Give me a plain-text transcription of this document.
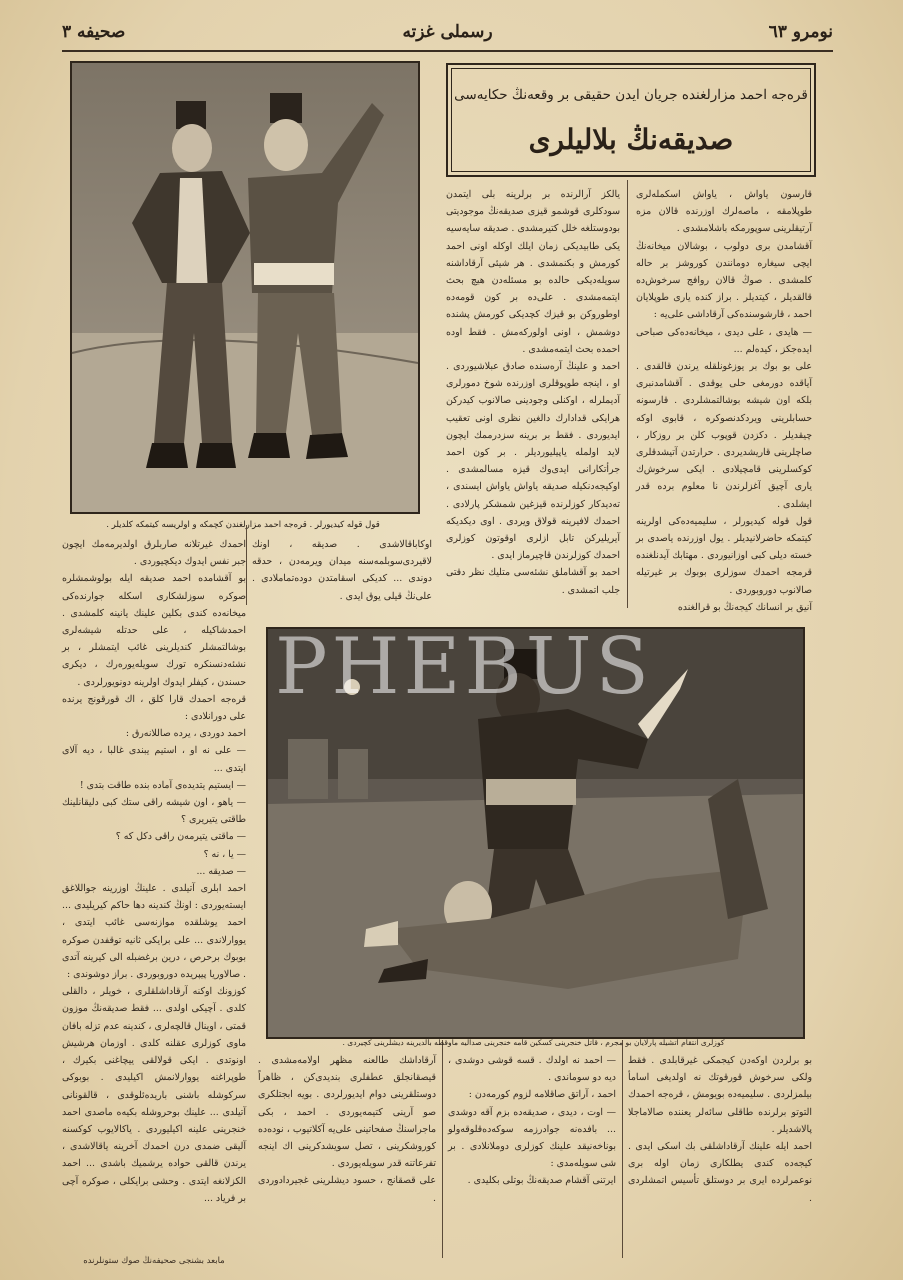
صحيفه ٣	رسملی غزته	نومرو ٦٣
قول قوله کیدیورلر . قره‌جه احمد مزارلغندن کچمکه و اولریسه کیتمکه کلدیلر .
قره‌جه احمد مزارلغنده جریان ایدن حقیقی بر وقعه‌نڭ حکایه‌سی
صدیقه‌نڭ بلالیلری

قارسون یاواش ، یاواش اسکمله‌لری طوپلامقه ، ماصه‌لرك اوزرنده قالان مزه آرتیقلرینی سوپورمکه باشلامشدی .

آقشامدن بری دولوب ، بوشالان میخانه‌نڭ ایچی سیغاره دومانندن کوروشز بر حاله کلمشدی . صوڭ قالان روافج سرخوش‌ده قالقدیلر ، کیتدیلر . براز کنده یاری طوپلایان احمد ، قارشوسنده‌کی آرقاداشی علی‌یه :

— هایدی ، علی دیدی ، میخانه‌ده‌کی صباحی ایده‌جکز ، کیده‌لم ...

علی بو بوك بر یوزغونلقله یرندن قالقدی . آیاقده دورمغی حلی یوقدی . آقشامدنبری بلکه اون شیشه بوشالتمشلردی . قارسونه حسابلرینی ویردکدنصوکره ، قابوی اوکه چیقدیلر . دکزدن قوپوب کلن بر روزکار ، صاچلرینی قاریشدیردی . حرارتدن آتیشدقلری کوکسلرینی قامچیلادی . ایکی سرخوش‌ك یاری آچیق آغزلرندن نا معلوم برده قدر ایشلدی .

قول قوله کیدیورلر ، سلیمیه‌ده‌کی اولرینه کیتمکه حاضرلانیدیلر . یول اوزرنده یاصدی بر خسته دیلی کبی اوزانیوردی . مهتابك آیدنلغنده قرمجه احمدك سوزلری بوبوك بر غیرتیله صالانوب دوروبوردی .

آنیق بر انسانك کیجه‌نڭ بو قرالغنده

یالکز آرالرنده بر برلرینه بلی ایتمدن سودکلری قوشمو قیزی صدیقه‌نڭ موجودیتی بودوستلغه خلل کتیرمشدی . صدیقه سایه‌سیه یکی طابیدیکی زمان ایلك اوکله اونی احمد کورمش و بکنمشدی . هر شیئی آرقاداشنه سویله‌دیکی حالده بو مسئله‌دن هیچ بحث ایتمه‌مشدی . علی‌ده بر کون قومه‌ده اوطوروکن بو قیزك کچدیکی کورمش پشنده دوشمش ، اونی اولورکه‌مش . فقط اوده احمده بحث ایتمه‌مشدی .

احمد و علینڭ آره‌سنده صادق عبلاشیوردی . او ، اینجه طوپوقلری اوزرنده شوخ دمورلری آدیملرله ، اوکنلی وجودینی صالانوب کیدرکن هرایکی قدادارك دالغین نظری اونی تعقیب ایدیوردی . فقط بر برینه سزدرممك ایچون لاید اولمله یاپیلیوردیلر . بر کون احمد جرأتکارانی ایدی‌وك قیزه مسالمشدی . اوکیجه‌دنکیله صدیقه یاواش یاواش ایسندی ، ته‌دیدکار کوزلرنده قیزغین شمشکر پارلادی . احمدك لافیرینه قولاق ویردی . اوی دیکدیکه آیریلیرکن تابل ازلری اوقوتون کوزلری احمدك کوزلرندن قاچیرماز ایدی .

احمد بو آقشاملق نشئه‌سی متلیك نظر دقتی جلب اتمشدی .

احمدك غیرتلانه صاربلرق اولدیرمه‌مك ایچون جبر نفس ایدوك دیکچیوردی .

بو آقشامده احمد صدیقه ایله بولوشمشلره صوکره سوزلشکاری اسکله جوارنده‌کی میخانه‌ده کندی بکلین علینك یانینه کلمشدی . احمدشاکیله ، علی حدتله شیشه‌لری بوشالتمشلر کندیلرینی غائب ایتمشلر ، بر نشئه‌دنسنکره تورك سویله‌یوره‌رك ، دیکری حسندن ، کیفلر ایدوك اولرینه دونویورلردی .

قره‌جه احمدك قارا کلق ، اك قورقونج یرنده علی دورانلادی :

احمد دوردی ، یرده صاللانه‌رق :

— علی نه او ، استیم یبندی غالبا ، دیه آلای ایتدی ...

— ایستیم یتدیده‌ی آماده بنده طاقت بتدی !

— یاهو ، اون شیشه راقی ستك کبی دلیقانلینك طاقتی یتیریری ؟

— ماقتی یتیرمه‌ن راقی دکل که ؟

— یا ، نه ؟

— صدیقه ...

احمد ابلری آتیلدی . علینڭ اوزرینه جواللاغق ایسته‌یوردی : اونڭ کندینه دها حاکم کیریلیدی ... احمد یوشلقده موازنه‌سی غائب ایتدی ، یووارلاندی ... علی برایکی ثانیه توقفدن صوکره بوبوك برحرص ، درین برغضبله الی کیرینه آتدی . صالاوریا پیپریده دوروبوردی . براز دوشوندی :

کوزونك اوکنه آرقاداشلقلری ، خویلر ، دالقلی کلدی . آچیکی اولدی ... فقط صدیقه‌نڭ موزون قمتی ، اوینال قالچه‌لری ، کندینه عدم تزله بافان ماوی کوزلری عقلنه کلدی . اوزمان هرشیش اونوتدی . ایکی قولالقی ییچاغنی بکیرك ، طوپراغنه یووارلانمش اکیلیدی . بوبوکی سرکوشله باشنی باریده‌ئلوقدی ، قالقونانی آتیلدی ... علینك بوحروشله بکیه‌ه ماصدی احمد خنجرینی علینه اکیلیوردی . یاکالایوب کوکسنه آلیقی ضمدی درن احمدك آخرینه یاقالاشدی ، یرندن قالقی حواده یرشمیك باشدی ... احمد الکزلانغه ایتدی . وحشی برایکلی ، صوکره آچی بر فریاد ...

اوکاباقالاشدی . صدیقه ، اونك لاقیردی‌سوبلمه‌سنه میدان ویرمه‌دن ، حدقه دوندی ... کدیکی اسقامتدن دوده‌تماملادی . علی‌نڭ قیلی یوق ایدی .

PHEBUS
کوزلری انتقام آتشیله پارلایان بو مجرم ، قاتل خنجرینی کسکین قامه خنجرینی صدالیه ماوقطه بالدیرینه دیشلرینی کچیردی .

بو برلردن اوکه‌دن کیجمکی غیرقابلدی . فقط ولکی سرخوش قورقوتك نه اولدیغی اسامأ بیلمزلردی . سلیمیه‌ده بویومش ، قره‌جه احمدك التوتو برلرنده طاقلی سائه‌لر یعننده صالاماجلا پالاشدیلر .

احمد ایله علینك آرقاداشلقی بك اسکی ایدی . کیجه‌ده کندی یطلکاری زمان اوله بری نوعمرلرده ایری بر دوستلق تأسیس اتمشلردی .

— احمد نه اولدك . قسه قوشی دوشدی ، دیه دو سوماندی .

احمد ، آراتق صاقلامه لزوم کورمه‌دن :

— اوت ، دیدی ، صدیقه‌ده بزم آقه دوشدی ... بافده‌نه جوادرزمه سوکه‌ده‌قلوقه‌ولو بوناخه‌نیقد علینك کوزلری دوملانلادی . بر شی سویله‌مدی :

ایرتنی آقشام صدیقه‌نڭ بوتلی بکلیدی .

آرقاداشك طالعنه مظهر اولامه‌مشدی . قیصقانجلق عطفلری بندیدی‌کن ، ظاهراً دوستلقرینی دوام ایدیورلردی . بویه ابجتلکری صو آرینی کتیمه‌یوردی . احمد ، بکی ماجراسنڭ صفحاتینی علی‌یه آکلاتیوب ، نوده‌ده کوروشکرینی ، تصل سویشدکرینی اك اینجه تفرعاتنه قدر سویله‌یوردی .

علی قصقانج ، حسود دیشلرینی غجیردادوردی .

مابعد بشنجی صحیفه‌نڭ صوك ستونلرنده
